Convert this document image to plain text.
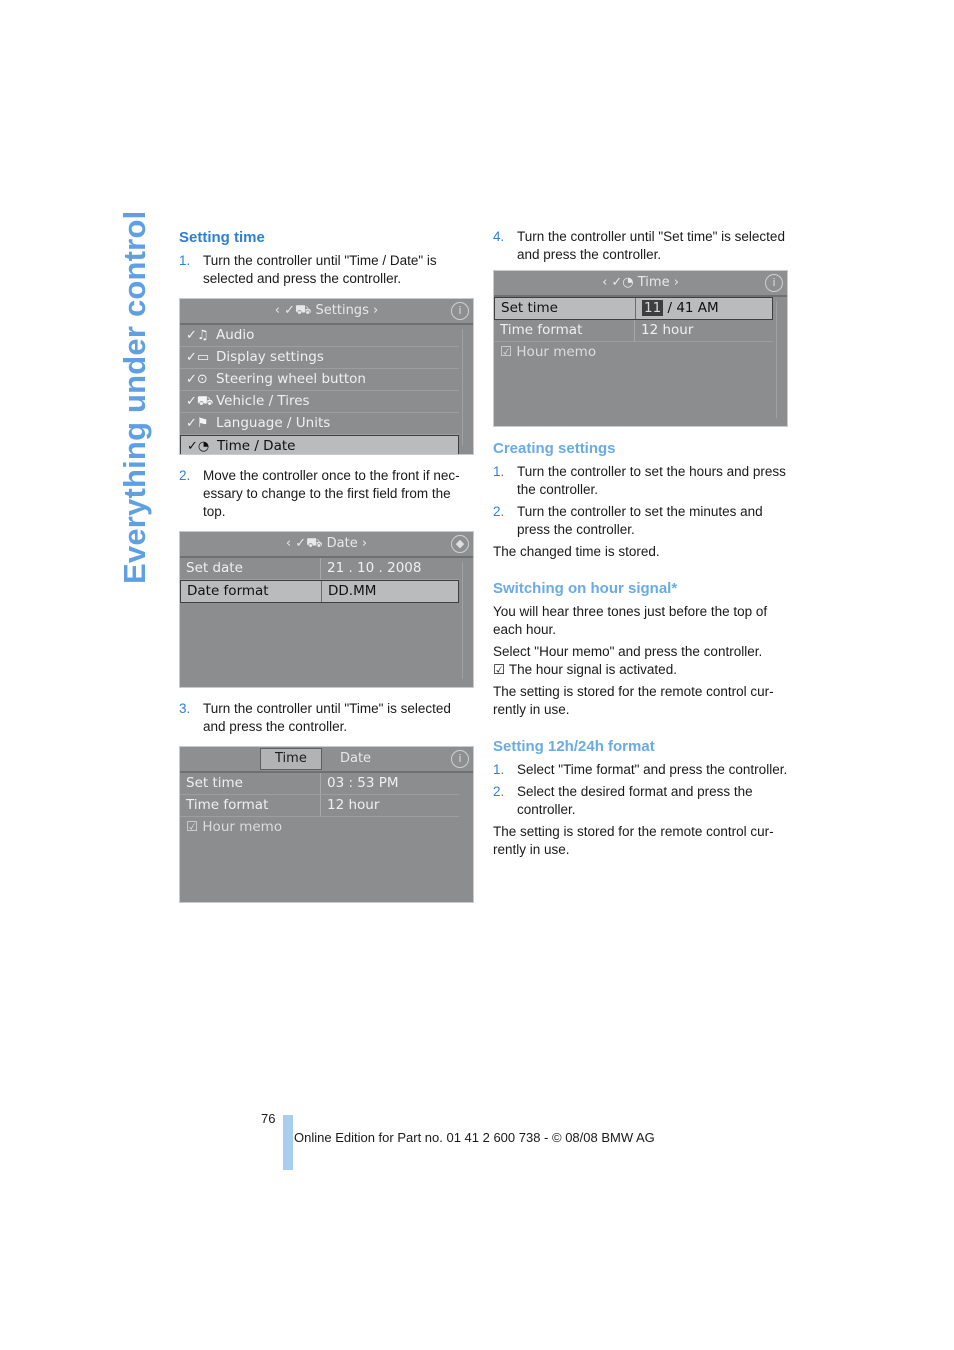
Everything under control Setting time
1. Turn the controller until "Time / Date" is selected and press the controller.
‹ ✓⛟ Settings ›	i
✓♫ Audio
✓▭ Display settings
✓⊙ Steering wheel button
✓⛟ Vehicle / Tires
✓⚑ Language / Units
✓◔ Time / Date
2. Move the controller once to the front if necessary to change to the first field from the top.
‹ ✓⛟ Date ›	◆
Set date	21 . 10 . 2008
Date format	DD.MM
3. Turn the controller until "Time" is selected and press the controller.
Time	Date	i
Set time	03 : 53 PM
Time format	12 hour
☑ Hour memo
4. Turn the controller until "Set time" is selected and press the controller.
‹ ✓◔ Time ›	i
Set time	11 / 41 AM
Time format	12 hour
☑ Hour memo
Creating settings
1. Turn the controller to set the hours and press the controller.
2. Turn the controller to set the minutes and press the controller.

The changed time is stored.

Switching on hour signal*

You will hear three tones just before the top of each hour.

Select "Hour memo" and press the controller.

☑ The hour signal is activated.

The setting is stored for the remote control currently in use.

Setting 12h/24h format
1. Select "Time format" and press the controller.
2. Select the desired format and press the controller.

The setting is stored for the remote control currently in use.

76
Online Edition for Part no. 01 41 2 600 738 - © 08/08 BMW AG
